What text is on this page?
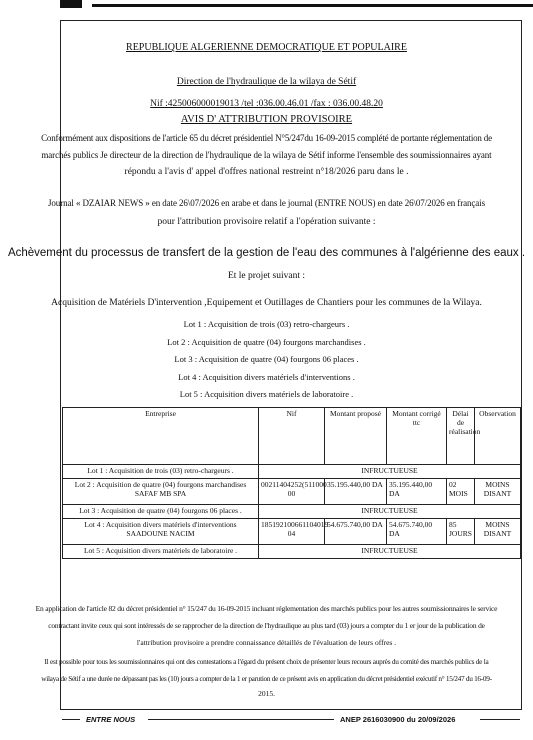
REPUBLIQUE ALGERIENNE DEMOCRATIQUE ET POPULAIRE
Direction de l'hydraulique de la wilaya de Sétif
Nif :425006000019013 /tel :036.00.46.01 /fax : 036.00.48.20
AVIS D' ATTRIBUTION PROVISOIRE
Conformément aux dispositions de l'article 65 du décret présidentiel N°5/247du 16-09-2015 complété de portante réglementation de
marchés publics Je directeur de la direction de l'hydraulique de la wilaya de Sétif informe l'ensemble des soumissionnaires ayant
répondu a l'avis d' appel d'offres national restreint n°18/2026 paru dans le .
Journal « DZAIAR NEWS » en date 26\07/2026 en arabe et dans le journal (ENTRE NOUS) en date 26\07/2026 en français
pour l'attribution provisoire relatif a l'opération suivante :
Achèvement du processus de transfert de la gestion de l'eau des communes à l'algérienne des eaux .
Et le projet suivant :
Acquisition de Matériels D'intervention ,Equipement et Outillages de Chantiers pour les communes de la Wilaya.
Lot 1 : Acquisition de trois (03) retro-chargeurs .
Lot 2 : Acquisition de quatre (04) fourgons marchandises .
Lot 3 : Acquisition de quatre (04) fourgons 06 places .
Lot 4 : Acquisition divers matériels d'interventions .
Lot 5 : Acquisition divers matériels de laboratoire .
Entreprise	Nif	Montant proposé	Montant corrigé ttc	Délai de réalisation	Observation
Lot 1 : Acquisition de trois (03) retro-chargeurs .	INFRUCTUEUSE				

Lot 2 : Acquisition de quatre (04) fourgons marchandises
SAFAF MB SPA	00211404252(511000 00	35.195.440,00 DA	35.195.440,00 DA	02 MOIS	MOINS DISANT
Lot 3 : Acquisition de quatre (04) fourgons 06 places .	INFRUCTUEUSE				

Lot 4 : Acquisition divers matériels d'interventions
SAADOUNE NACIM	185192100661104019 04	54.675.740,00 DA	54.675.740,00 DA	85 JOURS	MOINS DISANT
Lot 5 : Acquisition divers matériels de laboratoire .	INFRUCTUEUSE				
En application de l'article 82 du décret présidentiel n° 15/247 du 16-09-2015 incluant réglementation des marchés publics pour les autres soumissionnaires le service
contractant invite ceux qui sont intéressés de se rapprocher de la direction de l'hydraulique au plus tard (03) jours a compter du 1 er jour de la publication de
l'attribution provisoire a prendre connaissance détaillés de l'évaluation de leurs offres .
Il est possible pour tous les soumissionnaires qui ont des contestations a l'égard du présent choix de présenter leurs recours auprès du comité des marchés publics de la
wilaya de Sétif a une durée ne dépassant pas les (10) jours a compter de la 1 er parution de ce présent avis en application du décret présidentiel exécutif n° 15/247 du 16-09-
2015.
ENTRE NOUS	ANEP 2616030900 du 20/09/2026
